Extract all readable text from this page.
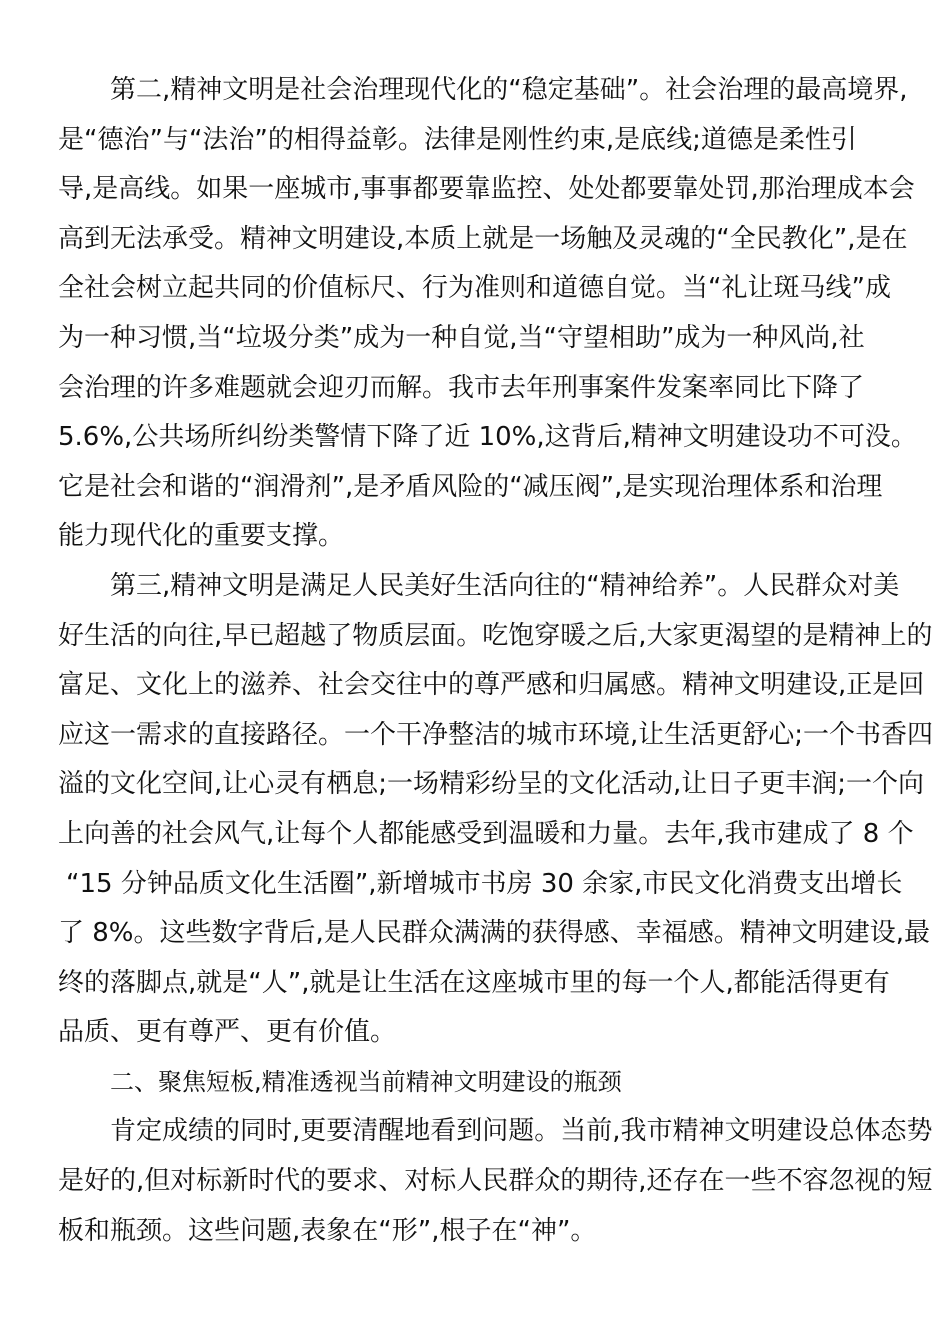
第二,精神文明是社会治理现代化的“稳定基础”。社会治理的最高境界,
是“德治”与“法治”的相得益彰。法律是刚性约束,是底线;道德是柔性引
导,是高线。如果一座城市,事事都要靠监控、处处都要靠处罚,那治理成本会
高到无法承受。精神文明建设,本质上就是一场触及灵魂的“全民教化”,是在
全社会树立起共同的价值标尺、行为准则和道德自觉。当“礼让斑马线”成
为一种习惯,当“垃圾分类”成为一种自觉,当“守望相助”成为一种风尚,社
会治理的许多难题就会迎刃而解。我市去年刑事案件发案率同比下降了
5.6%,公共场所纠纷类警情下降了近 10%,这背后,精神文明建设功不可没。
它是社会和谐的“润滑剂”,是矛盾风险的“减压阀”,是实现治理体系和治理
能力现代化的重要支撑。
第三,精神文明是满足人民美好生活向往的“精神给养”。人民群众对美
好生活的向往,早已超越了物质层面。吃饱穿暖之后,大家更渴望的是精神上的
富足、文化上的滋养、社会交往中的尊严感和归属感。精神文明建设,正是回
应这一需求的直接路径。一个干净整洁的城市环境,让生活更舒心;一个书香四
溢的文化空间,让心灵有栖息;一场精彩纷呈的文化活动,让日子更丰润;一个向
上向善的社会风气,让每个人都能感受到温暖和力量。去年,我市建成了 8 个
“15 分钟品质文化生活圈”,新增城市书房 30 余家,市民文化消费支出增长
了 8%。这些数字背后,是人民群众满满的获得感、幸福感。精神文明建设,最
终的落脚点,就是“人”,就是让生活在这座城市里的每一个人,都能活得更有
品质、更有尊严、更有价值。
二、聚焦短板,精准透视当前精神文明建设的瓶颈
肯定成绩的同时,更要清醒地看到问题。当前,我市精神文明建设总体态势
是好的,但对标新时代的要求、对标人民群众的期待,还存在一些不容忽视的短
板和瓶颈。这些问题,表象在“形”,根子在“神”。
